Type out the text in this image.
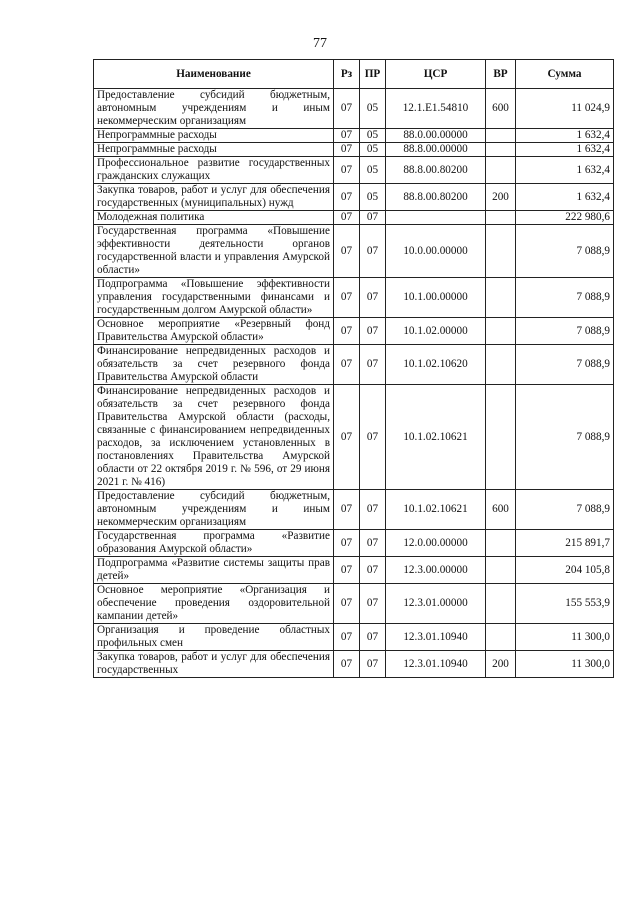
77
Наименование	Рз	ПР	ЦСР	ВР	Сумма
Предоставление субсидий бюджетным, автономным учреждениям и иным некоммерческим организациям	07	05	12.1.E1.54810	600	11 024,9
Непрограммные расходы	07	05	88.0.00.00000		1 632,4
Непрограммные расходы	07	05	88.8.00.00000		1 632,4
Профессиональное развитие государственных гражданских служащих	07	05	88.8.00.80200		1 632,4
Закупка товаров, работ и услуг для обеспечения государственных (муниципальных) нужд	07	05	88.8.00.80200	200	1 632,4
Молодежная политика	07	07			222 980,6
Государственная программа «Повышение эффективности деятельности органов государственной власти и управления Амурской области»	07	07	10.0.00.00000		7 088,9
Подпрограмма «Повышение эффективности управления государственными финансами и государственным долгом Амурской области»	07	07	10.1.00.00000		7 088,9
Основное мероприятие «Резервный фонд Правительства Амурской области»	07	07	10.1.02.00000		7 088,9
Финансирование непредвиденных расходов и обязательств за счет резервного фонда Правительства Амурской области	07	07	10.1.02.10620		7 088,9
Финансирование непредвиденных расходов и обязательств за счет резервного фонда Правительства Амурской области (расходы, связанные с финансированием непредвиденных расходов, за исключением установленных в постановлениях Правительства Амурской области от 22 октября 2019 г. № 596, от 29 июня 2021 г. № 416)	07	07	10.1.02.10621		7 088,9
Предоставление субсидий бюджетным, автономным учреждениям и иным некоммерческим организациям	07	07	10.1.02.10621	600	7 088,9
Государственная программа «Развитие образования Амурской области»	07	07	12.0.00.00000		215 891,7
Подпрограмма «Развитие системы защиты прав детей»	07	07	12.3.00.00000		204 105,8
Основное мероприятие «Организация и обеспечение проведения оздоровительной кампании детей»	07	07	12.3.01.00000		155 553,9
Организация и проведение областных профильных смен	07	07	12.3.01.10940		11 300,0
Закупка товаров, работ и услуг для обеспечения государственных	07	07	12.3.01.10940	200	11 300,0
